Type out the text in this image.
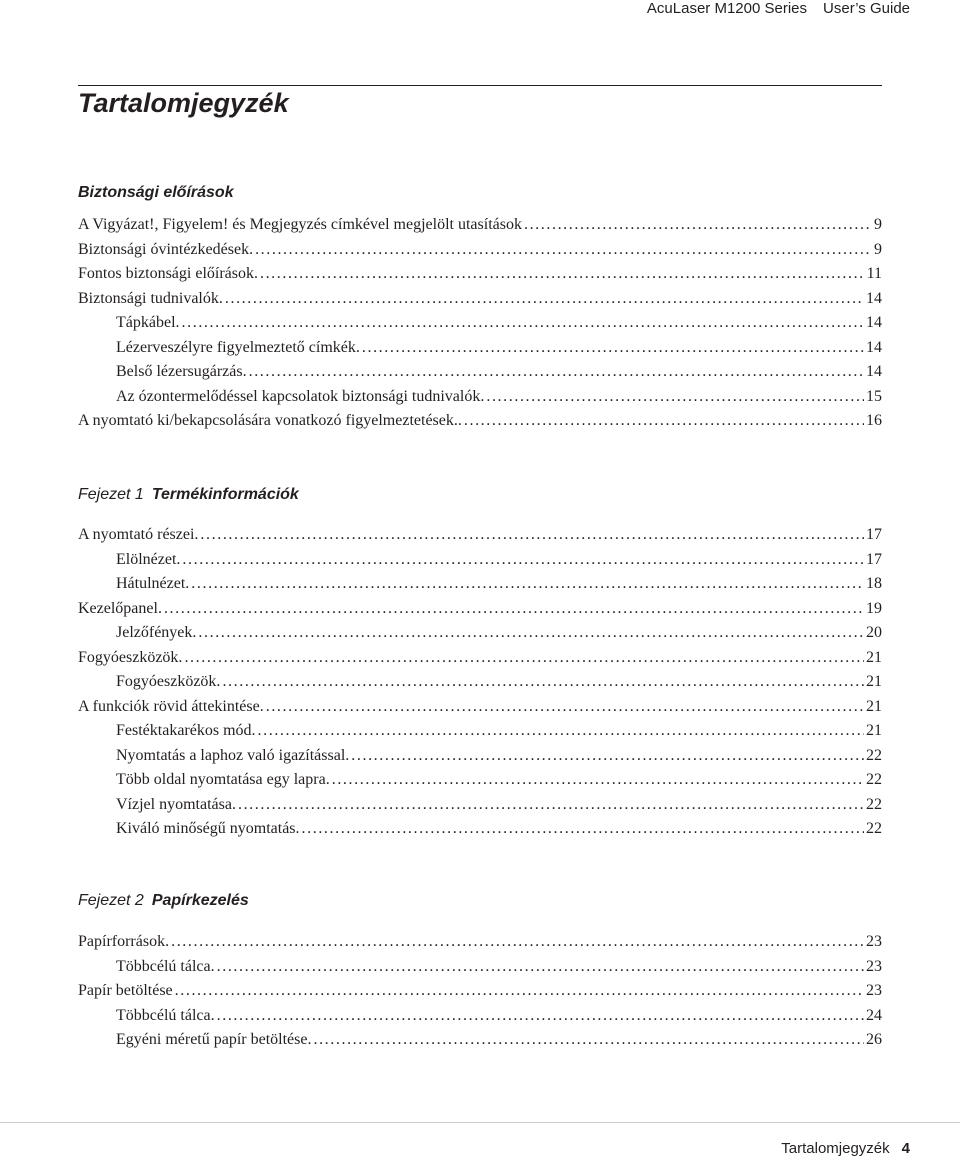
AcuLaser M1200 Series User’s Guide
Tartalomjegyzék
Biztonsági előírások
A Vigyázat!, Figyelem! és Megjegyzés címkével megjelölt utasítások .....	9
Biztonsági óvintézkedések. .....	9
Fontos biztonsági előírások. .....	11
Biztonsági tudnivalók. .....	14
Tápkábel. .....	14
Lézerveszélyre figyelmeztető címkék. .....	14
Belső lézersugárzás. .....	14
Az ózontermelődéssel kapcsolatok biztonsági tudnivalók. .....	15
A nyomtató ki/bekapcsolására vonatkozó figyelmeztetések.. .....	16
Fejezet 1 Termékinformációk
A nyomtató részei. .....	17
Elölnézet. .....	17
Hátulnézet. .....	18
Kezelőpanel. .....	19
Jelzőfények. .....	20
Fogyóeszközök. .....	21
Fogyóeszközök. .....	21
A funkciók rövid áttekintése. .....	21
Festéktakarékos mód. .....	21
Nyomtatás a laphoz való igazítással. .....	22
Több oldal nyomtatása egy lapra. .....	22
Vízjel nyomtatása. .....	22
Kiváló minőségű nyomtatás. .....	22
Fejezet 2 Papírkezelés
Papírforrások. .....	23
Többcélú tálca. .....	23
Papír betöltése .....	23
Többcélú tálca. .....	24
Egyéni méretű papír betöltése. .....	26
Tartalomjegyzék 4
